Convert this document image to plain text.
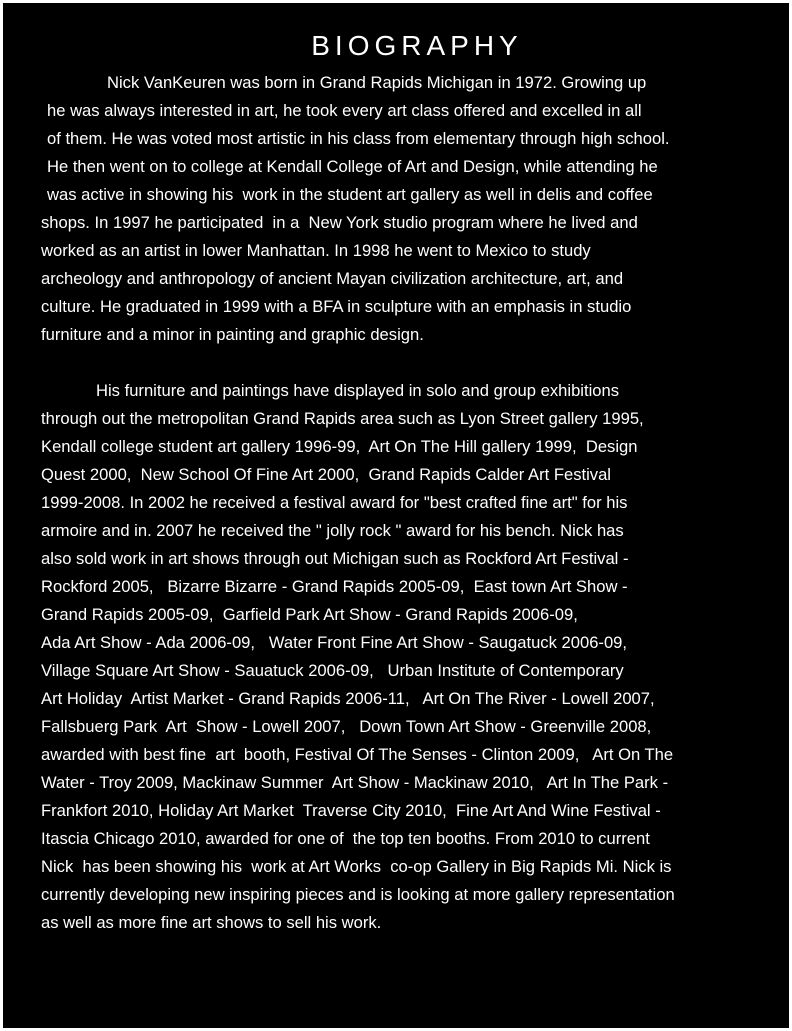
BIOGRAPHY
Nick VanKeuren was born in Grand Rapids Michigan in 1972. Growing up
he was always interested in art, he took every art class offered and excelled in all
of them. He was voted most artistic in his class from elementary through high school.
He then went on to college at Kendall College of Art and Design, while attending he
was active in showing his  work in the student art gallery as well in delis and coffee
shops. In 1997 he participated  in a  New York studio program where he lived and
worked as an artist in lower Manhattan. In 1998 he went to Mexico to study
archeology and anthropology of ancient Mayan civilization architecture, art, and
culture. He graduated in 1999 with a BFA in sculpture with an emphasis in studio
furniture and a minor in painting and graphic design.
His furniture and paintings have displayed in solo and group exhibitions
through out the metropolitan Grand Rapids area such as Lyon Street gallery 1995,
Kendall college student art gallery 1996-99,  Art On The Hill gallery 1999,  Design
Quest 2000,  New School Of Fine Art 2000,  Grand Rapids Calder Art Festival
1999-2008. In 2002 he received a festival award for "best crafted fine art" for his
armoire and in. 2007 he received the " jolly rock " award for his bench. Nick has
also sold work in art shows through out Michigan such as Rockford Art Festival -
Rockford 2005,   Bizarre Bizarre - Grand Rapids 2005-09,  East town Art Show -
Grand Rapids 2005-09,  Garfield Park Art Show - Grand Rapids 2006-09,
Ada Art Show - Ada 2006-09,   Water Front Fine Art Show - Saugatuck 2006-09,
Village Square Art Show - Sauatuck 2006-09,   Urban Institute of Contemporary
Art Holiday  Artist Market - Grand Rapids 2006-11,   Art On The River - Lowell 2007,
Fallsbuerg Park  Art  Show - Lowell 2007,   Down Town Art Show - Greenville 2008,
awarded with best fine  art  booth, Festival Of The Senses - Clinton 2009,   Art On The
Water - Troy 2009, Mackinaw Summer  Art Show - Mackinaw 2010,   Art In The Park -
Frankfort 2010, Holiday Art Market  Traverse City 2010,  Fine Art And Wine Festival -
Itascia Chicago 2010, awarded for one of  the top ten booths. From 2010 to current
Nick  has been showing his  work at Art Works  co-op Gallery in Big Rapids Mi. Nick is
currently developing new inspiring pieces and is looking at more gallery representation
as well as more fine art shows to sell his work.
